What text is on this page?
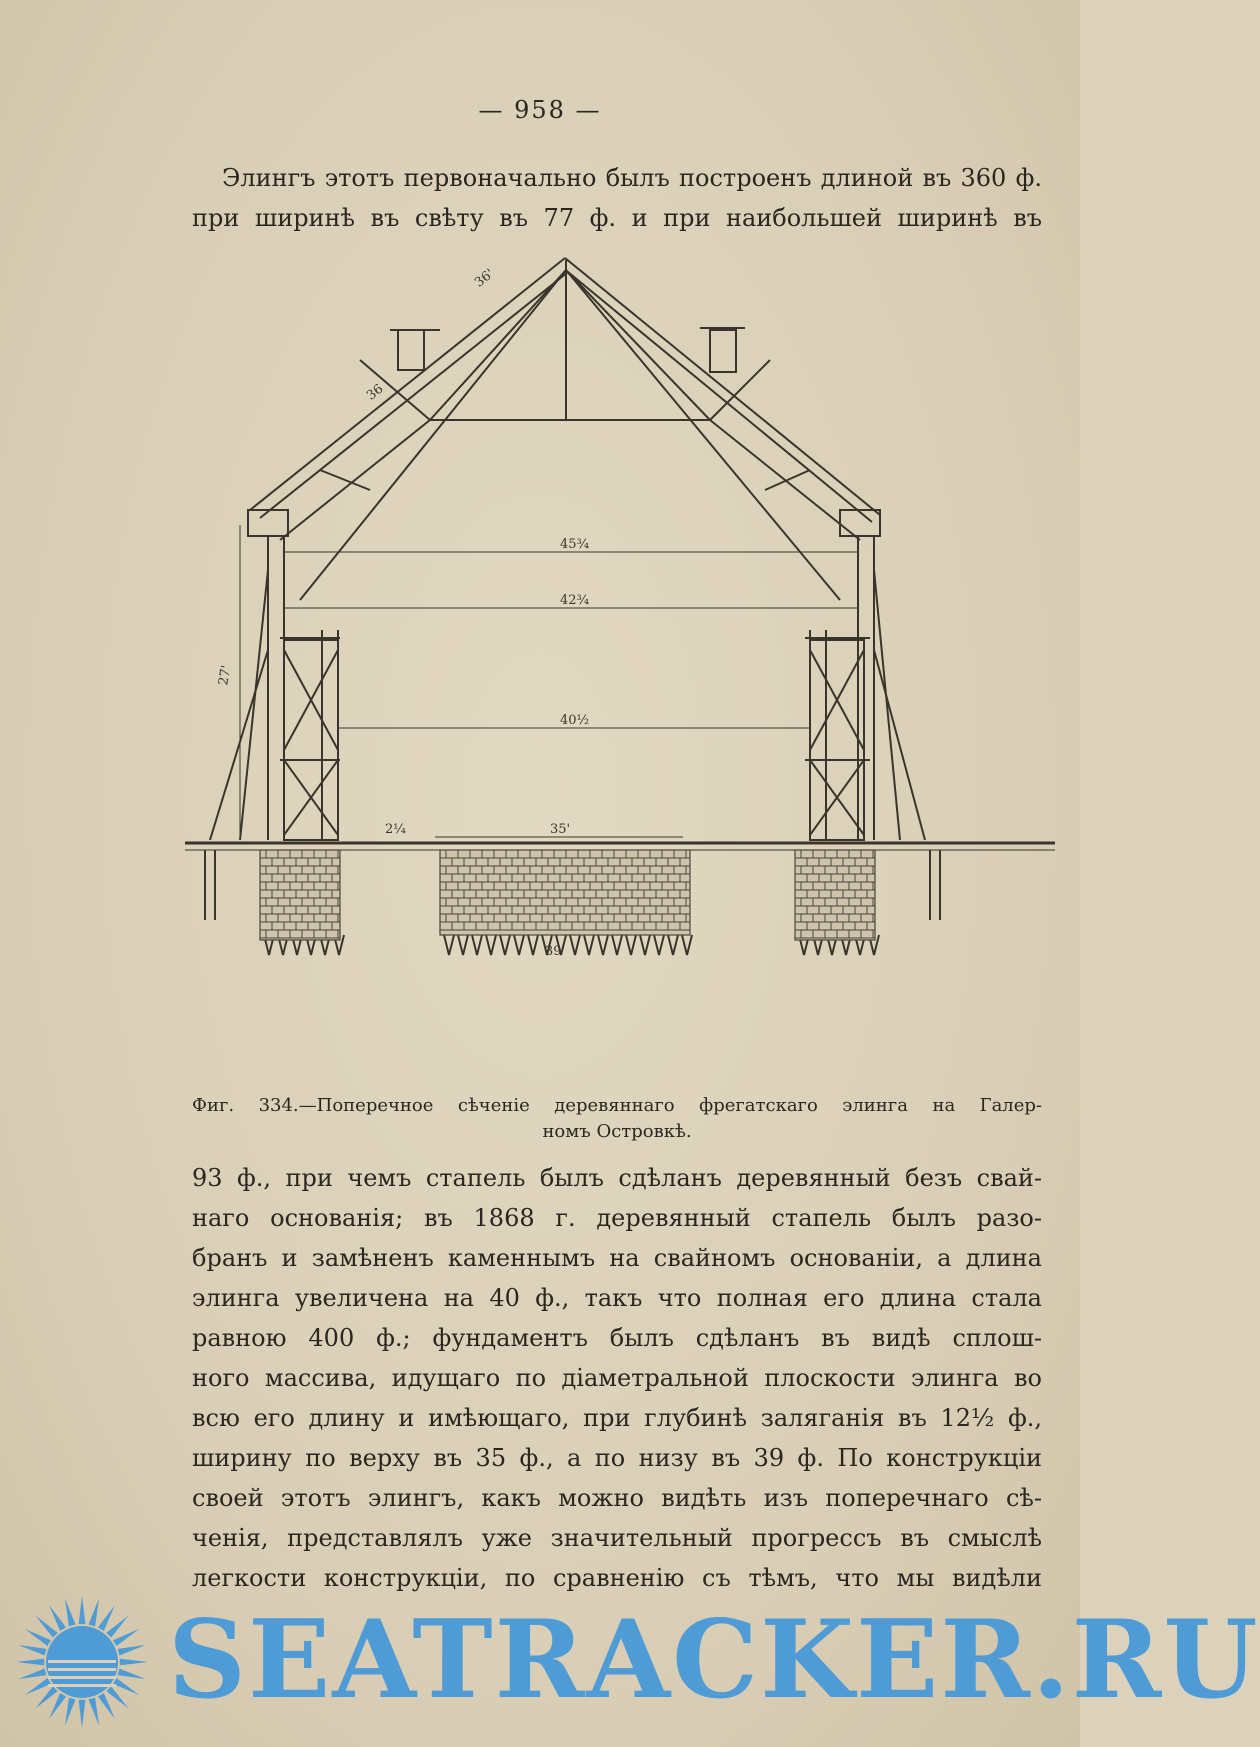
— 958 —
Элингъ этотъ первоначально былъ построенъ длиной въ 360 ф.
при ширинѣ въ свѣту въ 77 ф. и при наибольшей ширинѣ въ
45¾
42¾
40½
35'
2¼
39'
27'
36'
36
Фиг. 334.—Поперечное сѣченіе деревяннаго фрегатскаго элинга на Галер-
номъ Островкѣ.
93 ф., при чемъ стапель былъ сдѣланъ деревянный безъ свай-
наго основанія; въ 1868 г. деревянный стапель былъ разо-
бранъ и замѣненъ каменнымъ на свайномъ основаніи, а длина
элинга увеличена на 40 ф., такъ что полная его длина стала
равною 400 ф.; фундаментъ былъ сдѣланъ въ видѣ сплош-
ного массива, идущаго по діаметральной плоскости элинга во
всю его длину и имѣющаго, при глубинѣ заляганія въ 12½ ф.,
ширину по верху въ 35 ф., а по низу въ 39 ф. По конструкціи
своей этотъ элингъ, какъ можно видѣть изъ поперечнаго сѣ-
ченія, представлялъ уже значительный прогрессъ въ смыслѣ
легкости конструкціи, по сравненію съ тѣмъ, что мы видѣли
SEATRACKER.RU
